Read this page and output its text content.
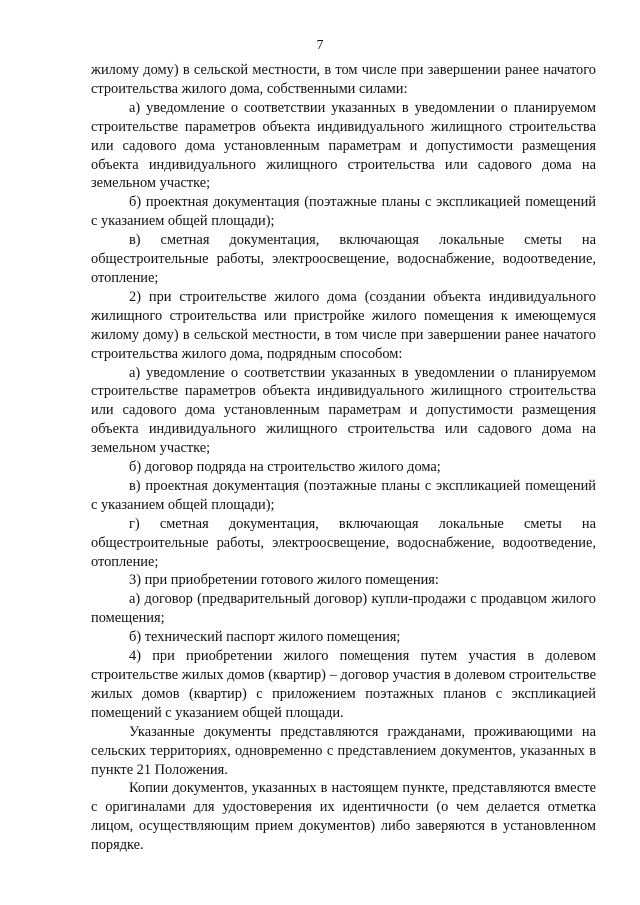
7

жилому дому) в сельской местности, в том числе при завершении ранее начатого строительства жилого дома, собственными силами:

а) уведомление о соответствии указанных в уведомлении о планируемом строительстве параметров объекта индивидуального жилищного строительства или садового дома установленным параметрам и допустимости размещения объекта индивидуального жилищного строительства или садового дома на земельном участке;

б) проектная документация (поэтажные планы с экспликацией помещений с указанием общей площади);

в) сметная документация, включающая локальные сметы на общестроительные работы, электроосвещение, водоснабжение, водоотведение, отопление;

2) при строительстве жилого дома (создании объекта индивидуального жилищного строительства или пристройке жилого помещения к имеющемуся жилому дому) в сельской местности, в том числе при завершении ранее начатого строительства жилого дома, подрядным способом:

а) уведомление о соответствии указанных в уведомлении о планируемом строительстве параметров объекта индивидуального жилищного строительства или садового дома установленным параметрам и допустимости размещения объекта индивидуального жилищного строительства или садового дома на земельном участке;

б) договор подряда на строительство жилого дома;

в) проектная документация (поэтажные планы с экспликацией помещений с указанием общей площади);

г) сметная документация, включающая локальные сметы на общестроительные работы, электроосвещение, водоснабжение, водоотведение, отопление;

3) при приобретении готового жилого помещения:

а) договор (предварительный договор) купли-продажи с продавцом жилого помещения;

б) технический паспорт жилого помещения;

4) при приобретении жилого помещения путем участия в долевом строительстве жилых домов (квартир) – договор участия в долевом строительстве жилых домов (квартир) с приложением поэтажных планов с экспликацией помещений с указанием общей площади.

Указанные документы представляются гражданами, проживающими на сельских территориях, одновременно с представлением документов, указанных в пункте 21 Положения.

Копии документов, указанных в настоящем пункте, представляются вместе с оригиналами для удостоверения их идентичности (о чем делается отметка лицом, осуществляющим прием документов) либо заверяются в установленном порядке.
